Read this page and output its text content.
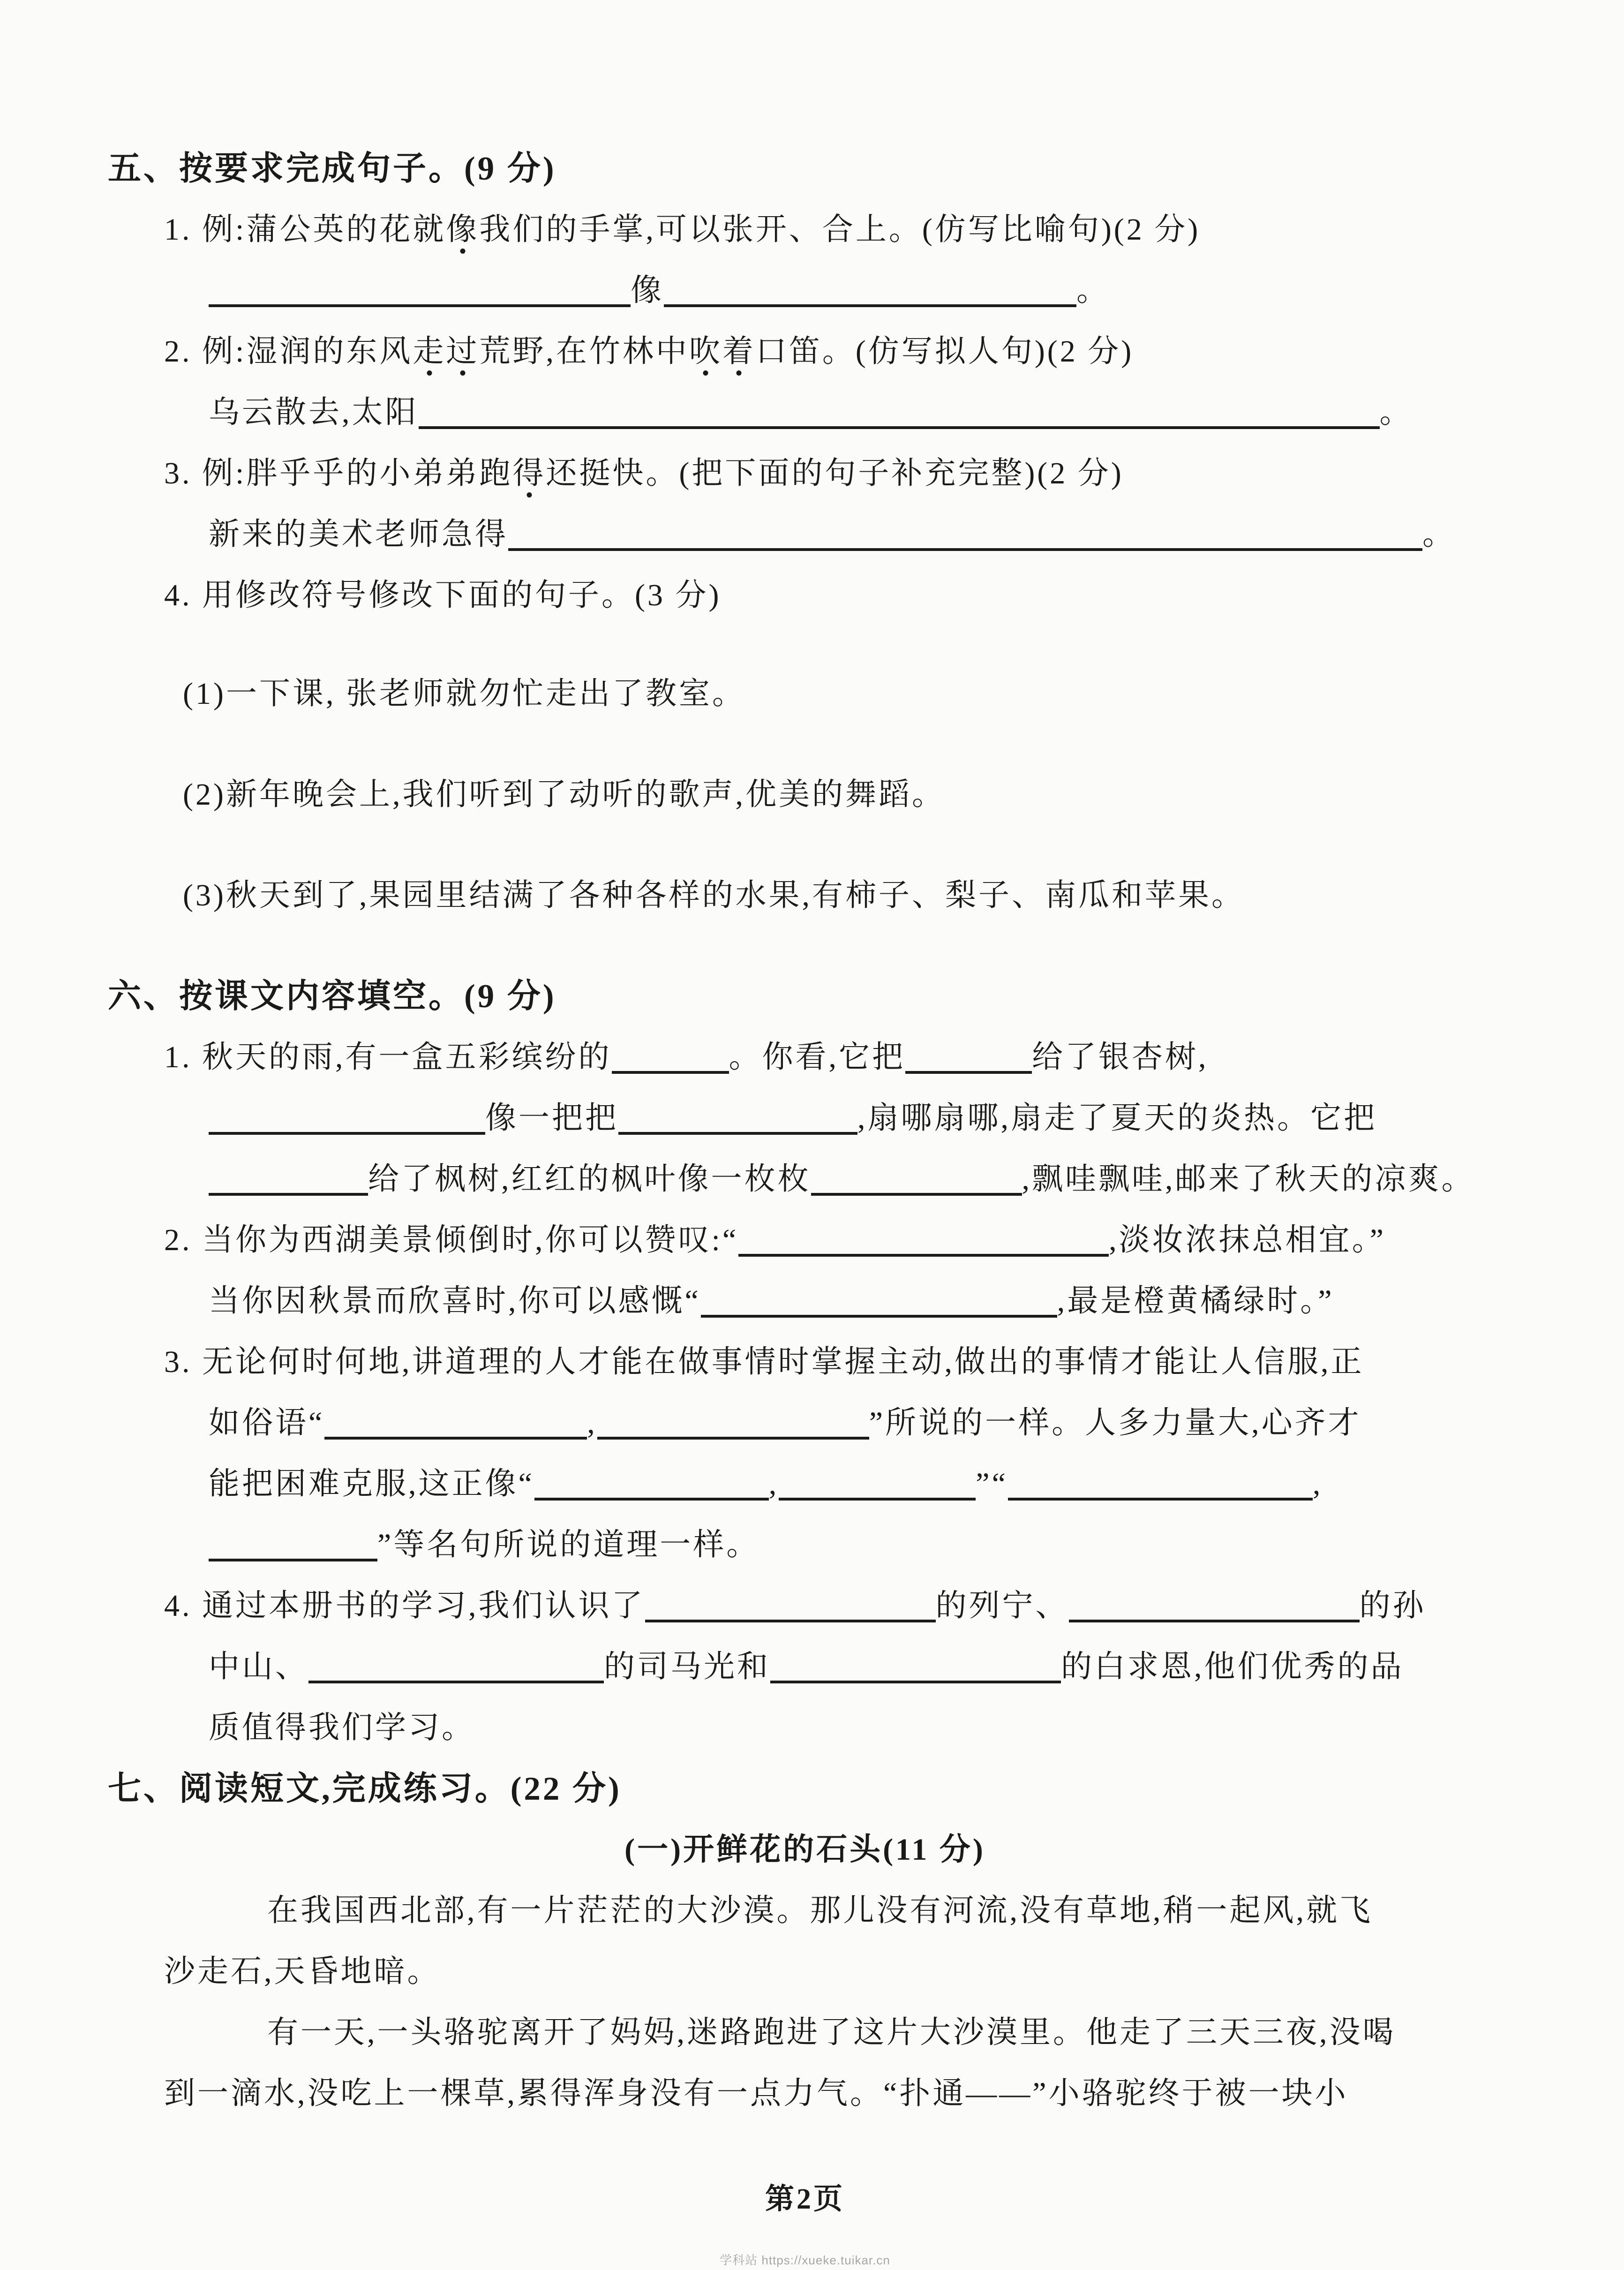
五、按要求完成句子。(9 分)
1. 例:蒲公英的花就像我们的手掌,可以张开、合上。(仿写比喻句)(2 分)
像	。
2. 例:湿润的东风走过荒野,在竹林中吹着口笛。(仿写拟人句)(2 分)
乌云散去,太阳	。
3. 例:胖乎乎的小弟弟跑得还挺快。(把下面的句子补充完整)(2 分)
新来的美术老师急得	。
4. 用修改符号修改下面的句子。(3 分)
(1)一下课, 张老师就勿忙走出了教室。
(2)新年晚会上,我们听到了动听的歌声,优美的舞蹈。
(3)秋天到了,果园里结满了各种各样的水果,有柿子、梨子、南瓜和苹果。
六、按课文内容填空。(9 分)
1. 秋天的雨,有一盒五彩缤纷的	。你看,它把	给了银杏树,
像一把把	,扇哪扇哪,扇走了夏天的炎热。它把
给了枫树,红红的枫叶像一枚枚	,飘哇飘哇,邮来了秋天的凉爽。
2. 当你为西湖美景倾倒时,你可以赞叹:“	,淡妆浓抹总相宜。”
当你因秋景而欣喜时,你可以感慨“	,最是橙黄橘绿时。”
3. 无论何时何地,讲道理的人才能在做事情时掌握主动,做出的事情才能让人信服,正
如俗语“	,	”所说的一样。人多力量大,心齐才
能把困难克服,这正像“	,	”“	,
”等名句所说的道理一样。
4. 通过本册书的学习,我们认识了	的列宁、	的孙
中山、	的司马光和	的白求恩,他们优秀的品
质值得我们学习。
七、阅读短文,完成练习。(22 分)
(一)开鲜花的石头(11 分)
在我国西北部,有一片茫茫的大沙漠。那儿没有河流,没有草地,稍一起风,就飞
沙走石,天昏地暗。
有一天,一头骆驼离开了妈妈,迷路跑进了这片大沙漠里。他走了三天三夜,没喝
到一滴水,没吃上一棵草,累得浑身没有一点力气。“扑通——”小骆驼终于被一块小
第2页
学科站 https://xueke.tuikar.cn
